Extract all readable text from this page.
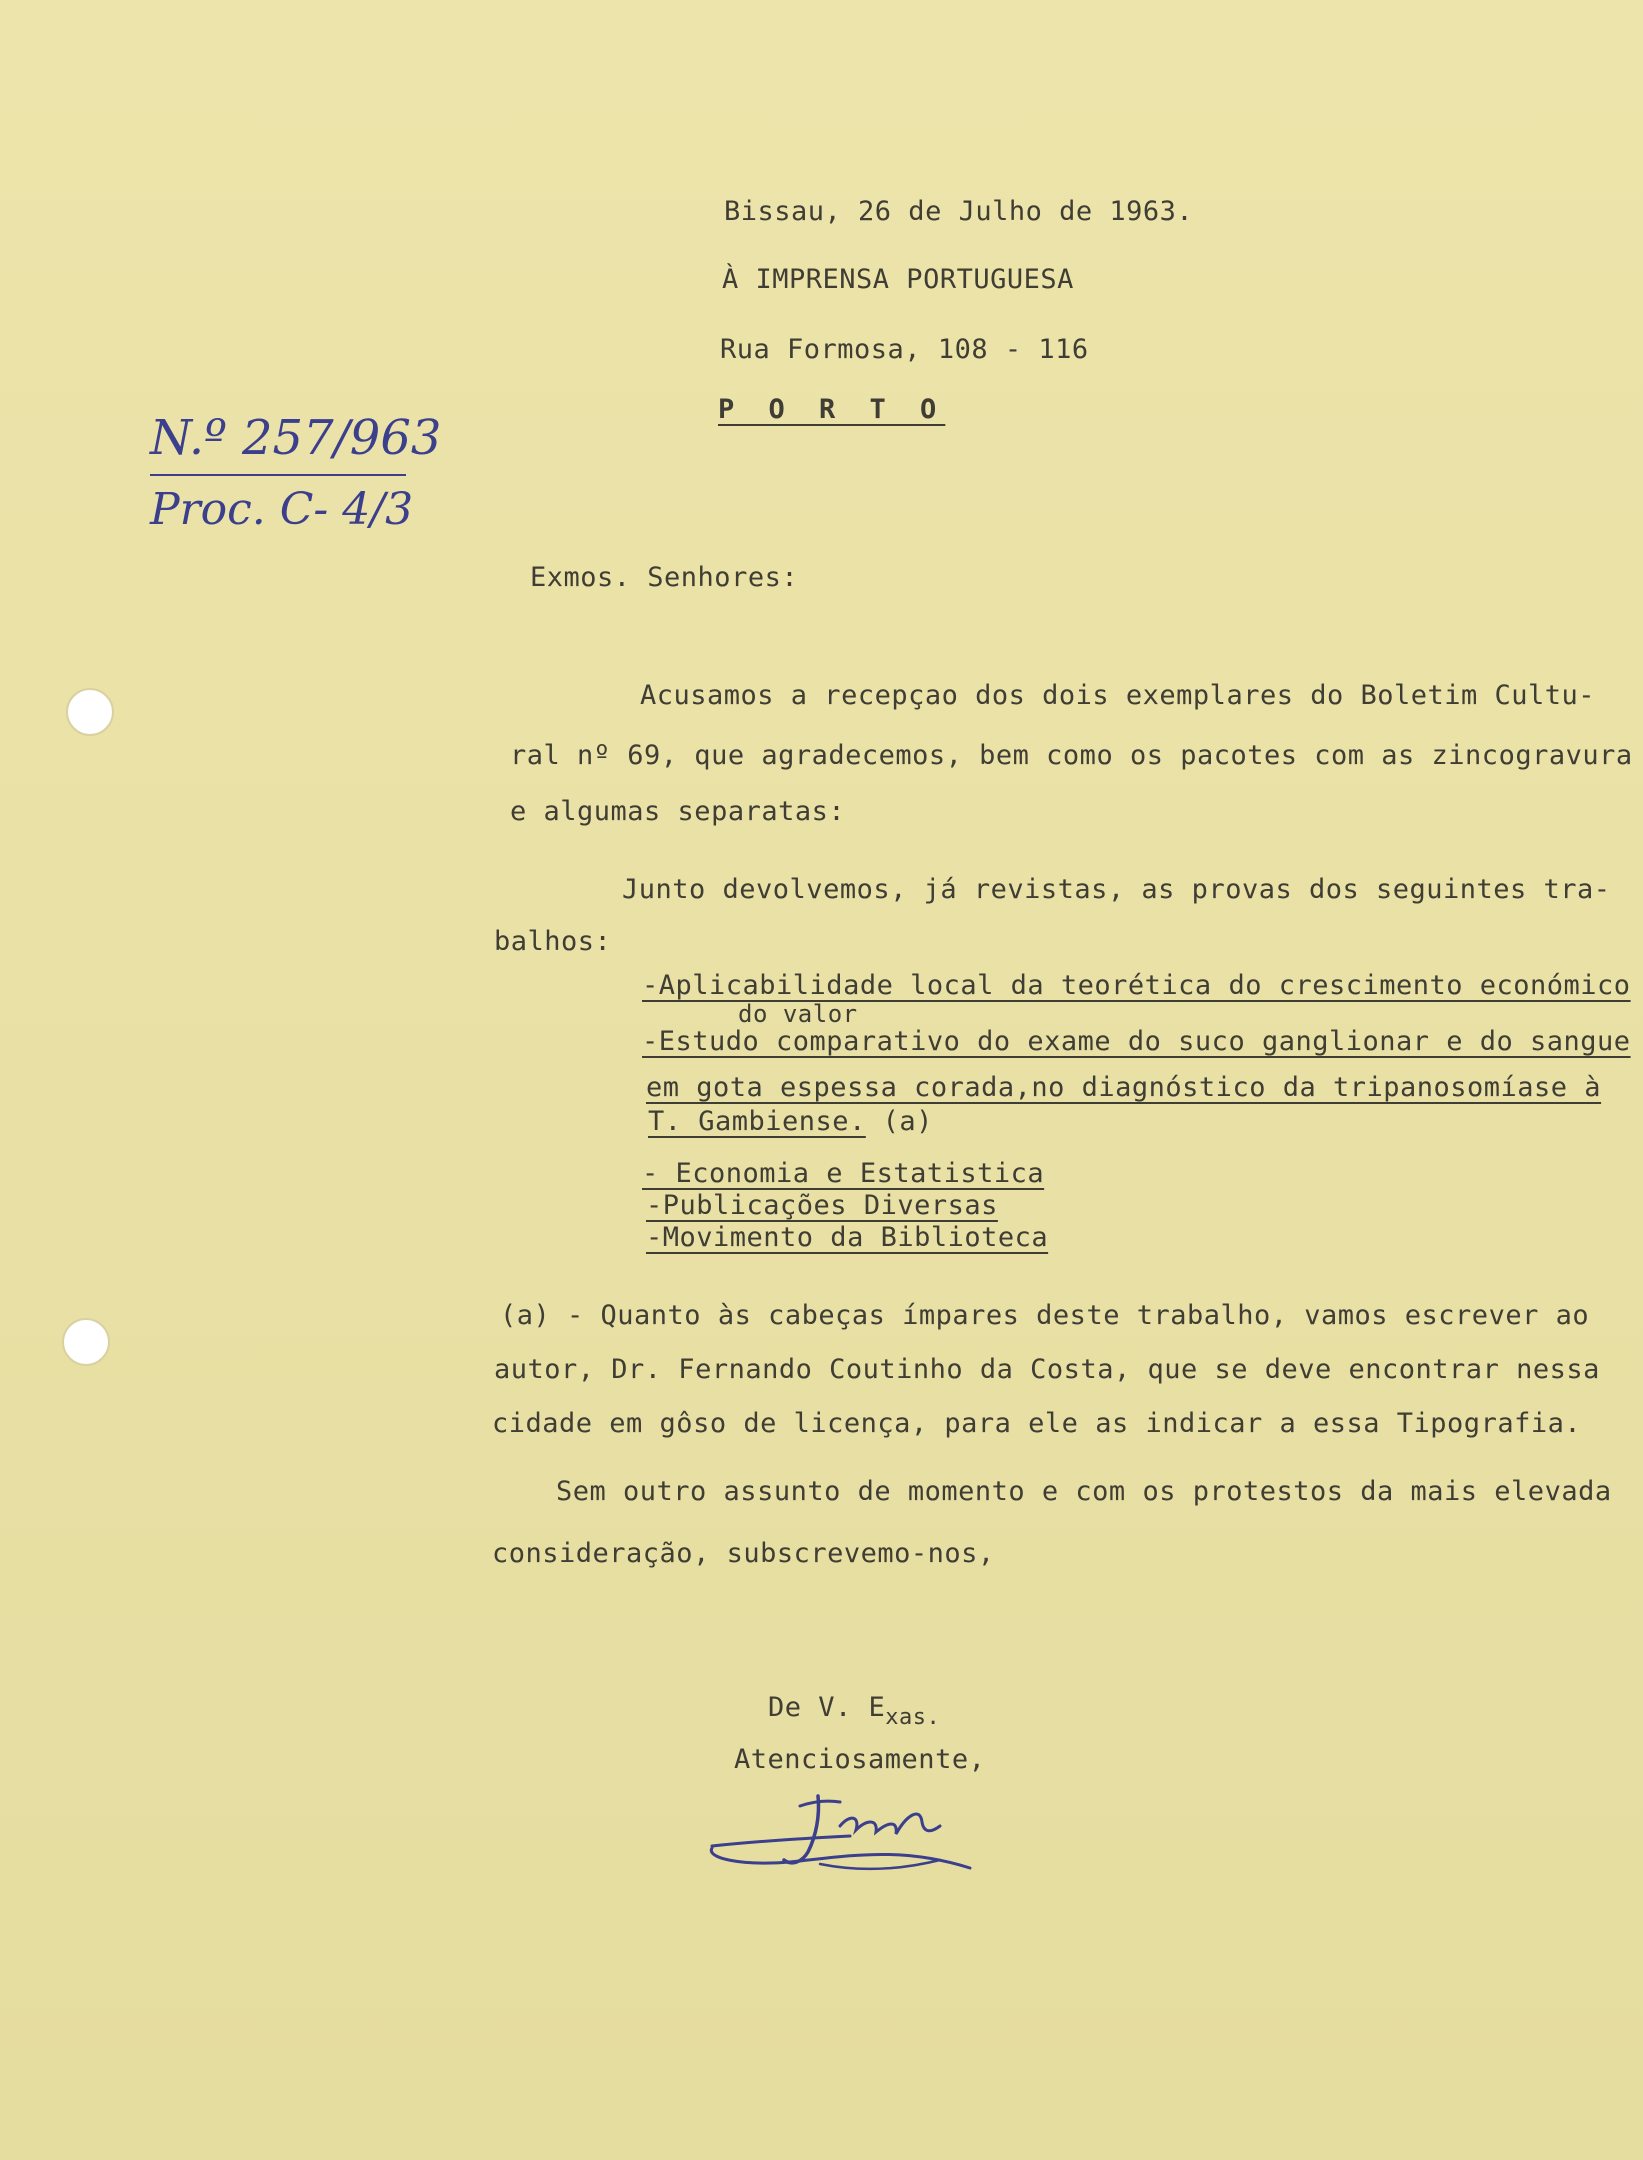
Bissau, 26 de Julho de 1963.
À IMPRENSA PORTUGUESA
Rua Formosa, 108 - 116
P O R T O
N.º 257/963
Proc. C- 4/3
Exmos. Senhores:
Acusamos a recepçao dos dois exemplares do Boletim Cultu-
ral nº 69, que agradecemos, bem como os pacotes com as zincogravura
e algumas separatas:
Junto devolvemos, já revistas, as provas dos seguintes tra-
balhos:
-Aplicabilidade local da teorética do crescimento económico
do valor
-Estudo comparativo do exame do suco ganglionar e do sangue
em gota espessa corada,no diagnóstico da tripanosomíase à
T. Gambiense. (a)
- Economia e Estatistica
-Publicações Diversas
-Movimento da Biblioteca
(a) - Quanto às cabeças ímpares deste trabalho, vamos escrever ao
autor, Dr. Fernando Coutinho da Costa, que se deve encontrar nessa
cidade em gôso de licença, para ele as indicar a essa Tipografia.
Sem outro assunto de momento e com os protestos da mais elevada
consideração, subscrevemo-nos,
De V. $E_{xas.}$
Atenciosamente,
